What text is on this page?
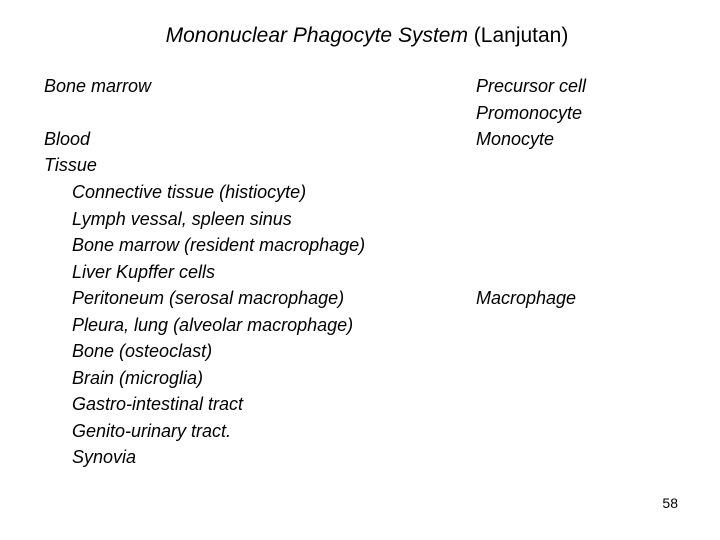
Mononuclear Phagocyte System (Lanjutan)
Bone marrow
Blood
Tissue
Connective tissue (histiocyte)
Lymph vessal, spleen sinus
Bone marrow (resident macrophage)
Liver Kupffer cells
Peritoneum (serosal macrophage)
Pleura, lung (alveolar macrophage)
Bone (osteoclast)
Brain (microglia)
Gastro-intestinal tract
Genito-urinary tract.
Synovia
Precursor cell
Promonocyte
Monocyte
Macrophage
58
